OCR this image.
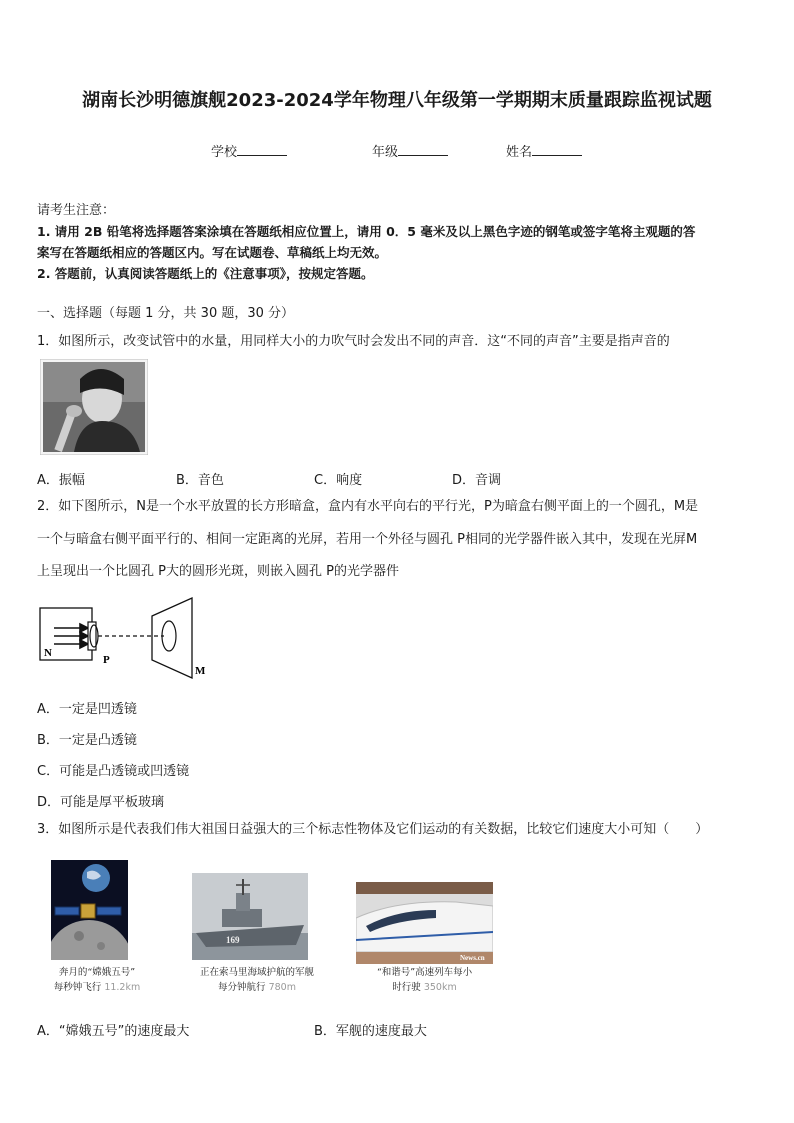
湖南长沙明德旗舰2023-2024学年物理八年级第一学期期末质量跟踪监视试题
学校	年级	姓名
请考生注意：
1. 请用 2B 铅笔将选择题答案涂填在答题纸相应位置上，请用 0．5 毫米及以上黑色字迹的钢笔或签字笔将主观题的答
案写在答题纸相应的答题区内。写在试题卷、草稿纸上均无效。
2. 答题前，认真阅读答题纸上的《注意事项》，按规定答题。
一、选择题（每题 1 分，共 30 题，30 分）
1．如图所示，改变试管中的水量，用同样大小的力吹气时会发出不同的声音．这“不同的声音”主要是指声音的
A．振幅	B．音色	C．响度	D．音调
2．如下图所示，N是一个水平放置的长方形暗盒，盒内有水平向右的平行光，P为暗盒右侧平面上的一个圆孔，M是
一个与暗盒右侧平面平行的、相间一定距离的光屏，若用一个外径与圆孔 P相同的光学器件嵌入其中，发现在光屏M
上呈现出一个比圆孔 P大的圆形光斑，则嵌入圆孔 P的光学器件
N
P
M
A．一定是凹透镜
B．一定是凸透镜
C．可能是凸透镜或凹透镜
D．可能是厚平板玻璃
3．如图所示是代表我们伟大祖国日益强大的三个标志性物体及它们运动的有关数据，比较它们速度大小可知（　　）
奔月的“嫦娥五号”
每秒钟飞行 11.2km
169
正在索马里海域护航的军舰
每分钟航行 780m
News.cn
“和谐号”高速列车每小
时行驶 350km
A．“嫦娥五号”的速度最大	B．军舰的速度最大
